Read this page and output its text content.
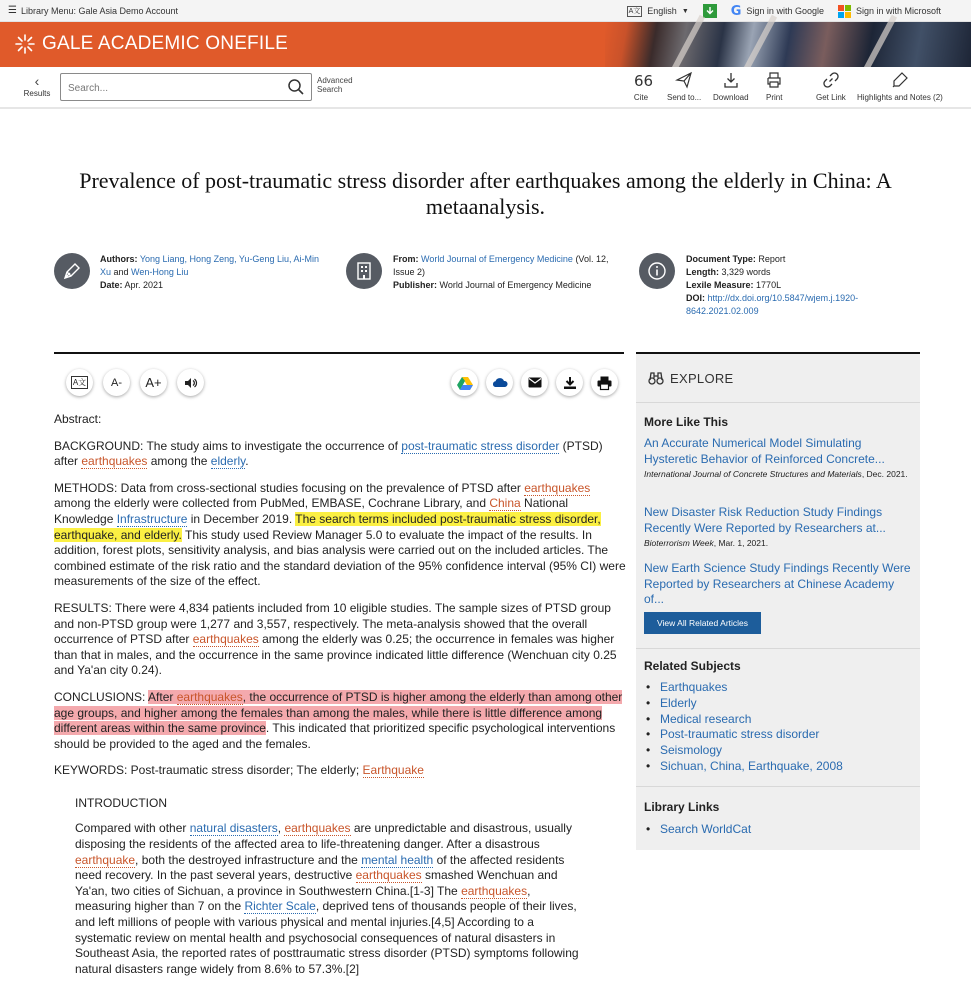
☰ Library Menu: Gale Asia Demo Account	A文 English ▼	G Sign in with Google	Sign in with Microsoft
GALE ACADEMIC ONEFILE
‹
Results
Search...
Advanced Search	66
Cite Send to... Download Print	Get Link Highlights and Notes (2)
Prevalence of post-traumatic stress disorder after earthquakes among the elderly in China: A metaanalysis.
Authors: Yong Liang, Hong Zeng, Yu-Geng Liu, Ai-Min
Xu and Wen-Hong Liu
Date: Apr. 2021
From: World Journal of Emergency Medicine (Vol. 12,
Issue 2)
Publisher: World Journal of Emergency Medicine
Document Type: Report
Length: 3,329 words
Lexile Measure: 1770L
DOI: http://dx.doi.org/10.5847/wjem.j.1920-
8642.2021.02.009
A文 A- A+

Abstract:

BACKGROUND: The study aims to investigate the occurrence of post-traumatic stress disorder (PTSD) after earthquakes among the elderly.

METHODS: Data from cross-sectional studies focusing on the prevalence of PTSD after earthquakes among the elderly were collected from PubMed, EMBASE, Cochrane Library, and China National Knowledge Infrastructure in December 2019. The search terms included post-traumatic stress disorder, earthquake, and elderly. This study used Review Manager 5.0 to evaluate the impact of the results. In addition, forest plots, sensitivity analysis, and bias analysis were carried out on the included articles. The combined estimate of the risk ratio and the standard deviation of the 95% confidence interval (95% CI) were measurements of the size of the effect.

RESULTS: There were 4,834 patients included from 10 eligible studies. The sample sizes of PTSD group and non-PTSD group were 1,277 and 3,557, respectively. The meta-analysis showed that the overall occurrence of PTSD after earthquakes among the elderly was 0.25; the occurrence in females was higher than that in males, and the occurrence in the same province indicated little difference (Wenchuan city 0.25 and Ya'an city 0.24).

CONCLUSIONS: After earthquakes, the occurrence of PTSD is higher among the elderly than among other age groups, and higher among the females than among the males, while there is little difference among different areas within the same province. This indicated that prioritized specific psychological interventions should be provided to the aged and the females.

KEYWORDS: Post-traumatic stress disorder; The elderly; Earthquake

INTRODUCTION

Compared with other natural disasters, earthquakes are unpredictable and disastrous, usually disposing the residents of the affected area to life-threatening danger. After a disastrous earthquake, both the destroyed infrastructure and the mental health of the affected residents need recovery. In the past several years, destructive earthquakes smashed Wenchuan and Ya'an, two cities of Sichuan, a province in Southwestern China.[1-3] The earthquakes, measuring higher than 7 on the Richter Scale, deprived tens of thousands people of their lives, and left millions of people with various physical and mental injuries.[4,5] According to a systematic review on mental health and psychosocial consequences of natural disasters in Southeast Asia, the reported rates of posttraumatic stress disorder (PTSD) symptoms following natural disasters range widely from 8.6% to 57.3%.[2]

EXPLORE
More Like This
An Accurate Numerical Model Simulating Hysteretic Behavior of Reinforced Concrete...
International Journal of Concrete Structures and Materials, Dec. 2021.
New Disaster Risk Reduction Study Findings Recently Were Reported by Researchers at...
Bioterrorism Week, Mar. 1, 2021.
New Earth Science Study Findings Recently Were Reported by Researchers at Chinese Academy of...
View All Related Articles
Related Subjects
• Earthquakes
• Elderly
• Medical research
• Post-traumatic stress disorder
• Seismology
• Sichuan, China, Earthquake, 2008
Library Links
• Search WorldCat
